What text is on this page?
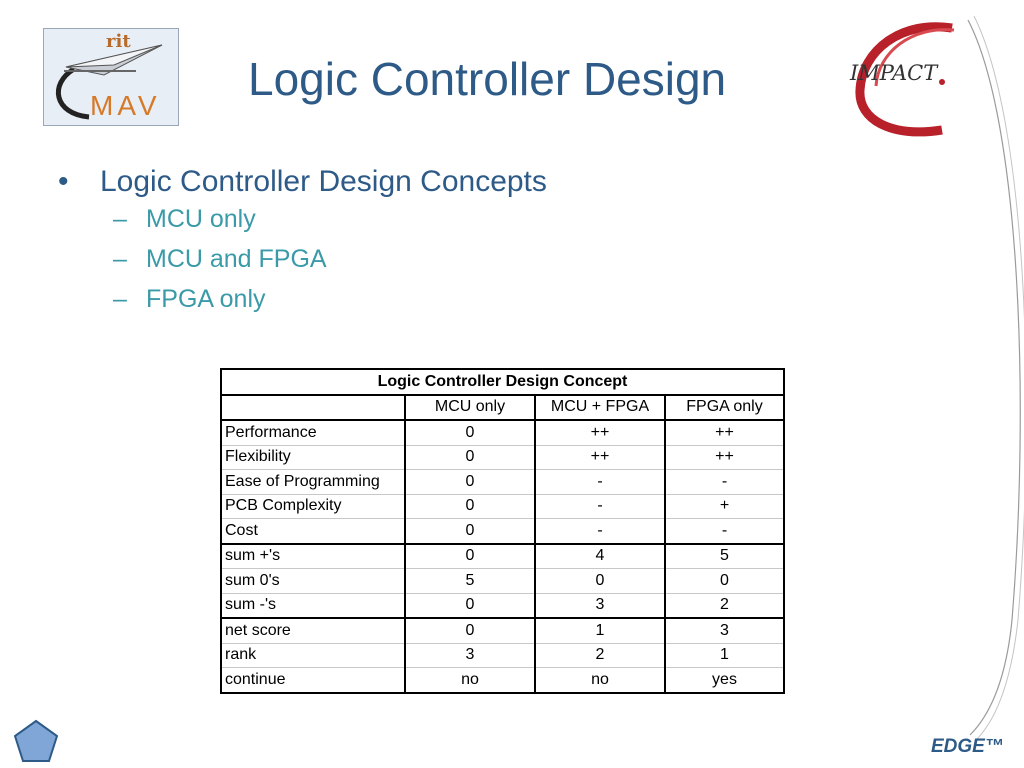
rit
MAV
Logic Controller Design	IMPACT
• Logic Controller Design Concepts
– MCU only
– MCU and FPGA
– FPGA only
Logic Controller Design Concept			
	MCU only	MCU + FPGA	FPGA only
Performance	0	++	++
Flexibility	0	++	++
Ease of Programming	0	-	-
PCB Complexity	0	-	+
Cost	0	-	-
sum +'s	0	4	5
sum 0's	5	0	0
sum -'s	0	3	2
net score	0	1	3
rank	3	2	1
continue	no	no	yes
EDGE™
